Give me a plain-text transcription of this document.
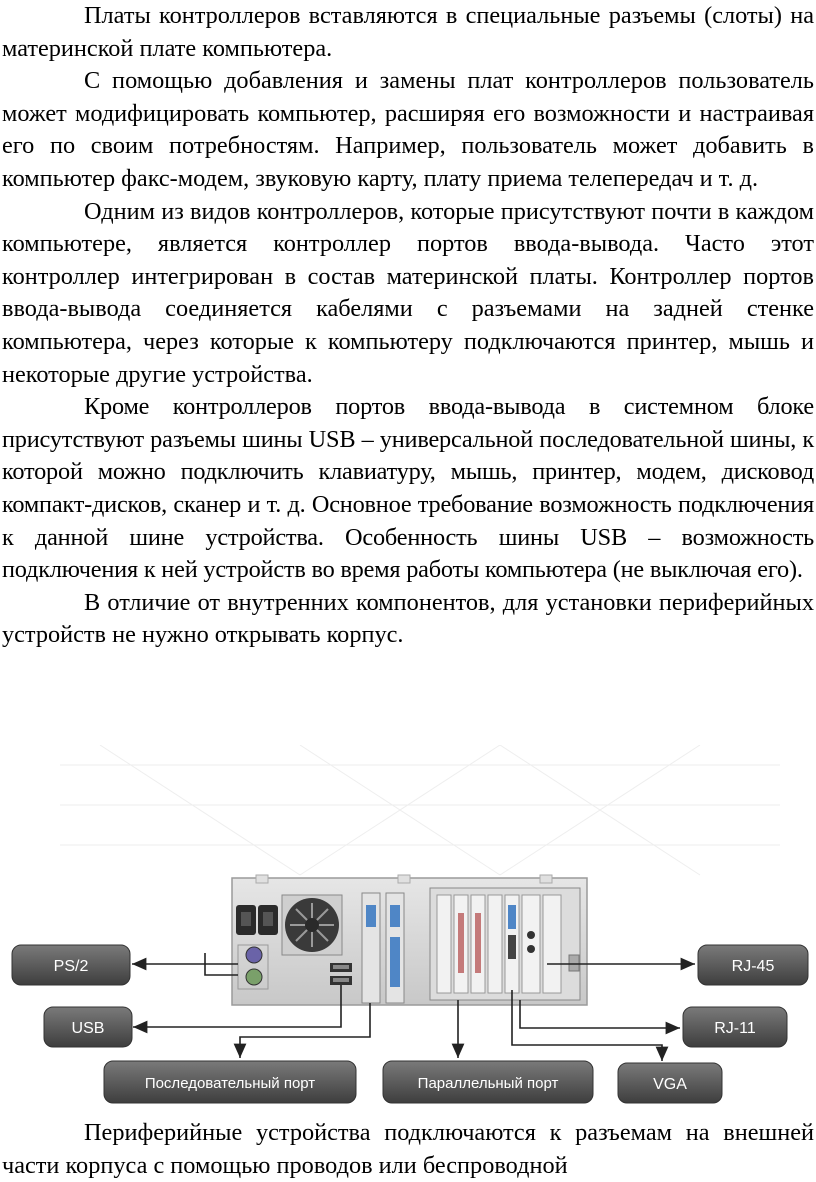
Платы контроллеров вставляются в специальные разъемы (слоты) на материнской плате компьютера.

С помощью добавления и замены плат контроллеров пользователь может модифицировать компьютер, расширяя его возможности и настраивая его по своим потребностям. Например, пользователь может добавить в компьютер факс-модем, звуковую карту, плату приема телепередач и т. д.

Одним из видов контроллеров, которые присутствуют почти в каждом компьютере, является контроллер портов ввода-вывода. Часто этот контроллер интегрирован в состав материнской платы. Контроллер портов ввода-вывода соединяется кабелями с разъемами на задней стенке компьютера, через которые к компьютеру подключаются принтер, мышь и некоторые другие устройства.

Кроме контроллеров портов ввода-вывода в системном блоке присутствуют разъемы шины USB – универсальной последовательной шины, к которой можно подключить клавиатуру, мышь, принтер, модем, дисковод компакт-дисков, сканер и т. д. Основное требование возможность подключения к данной шине устройства. Особенность шины USB – возможность подключения к ней устройств во время работы компьютера (не выключая его).

В отличие от внутренних компонентов, для установки периферийных устройств не нужно открывать корпус.

PS/2
USB
Последовательный порт	Параллельный порт	VGA
RJ-45
RJ-11
Периферийные устройства подключаются к разъемам на внешней части корпуса с помощью проводов или беспроводной
